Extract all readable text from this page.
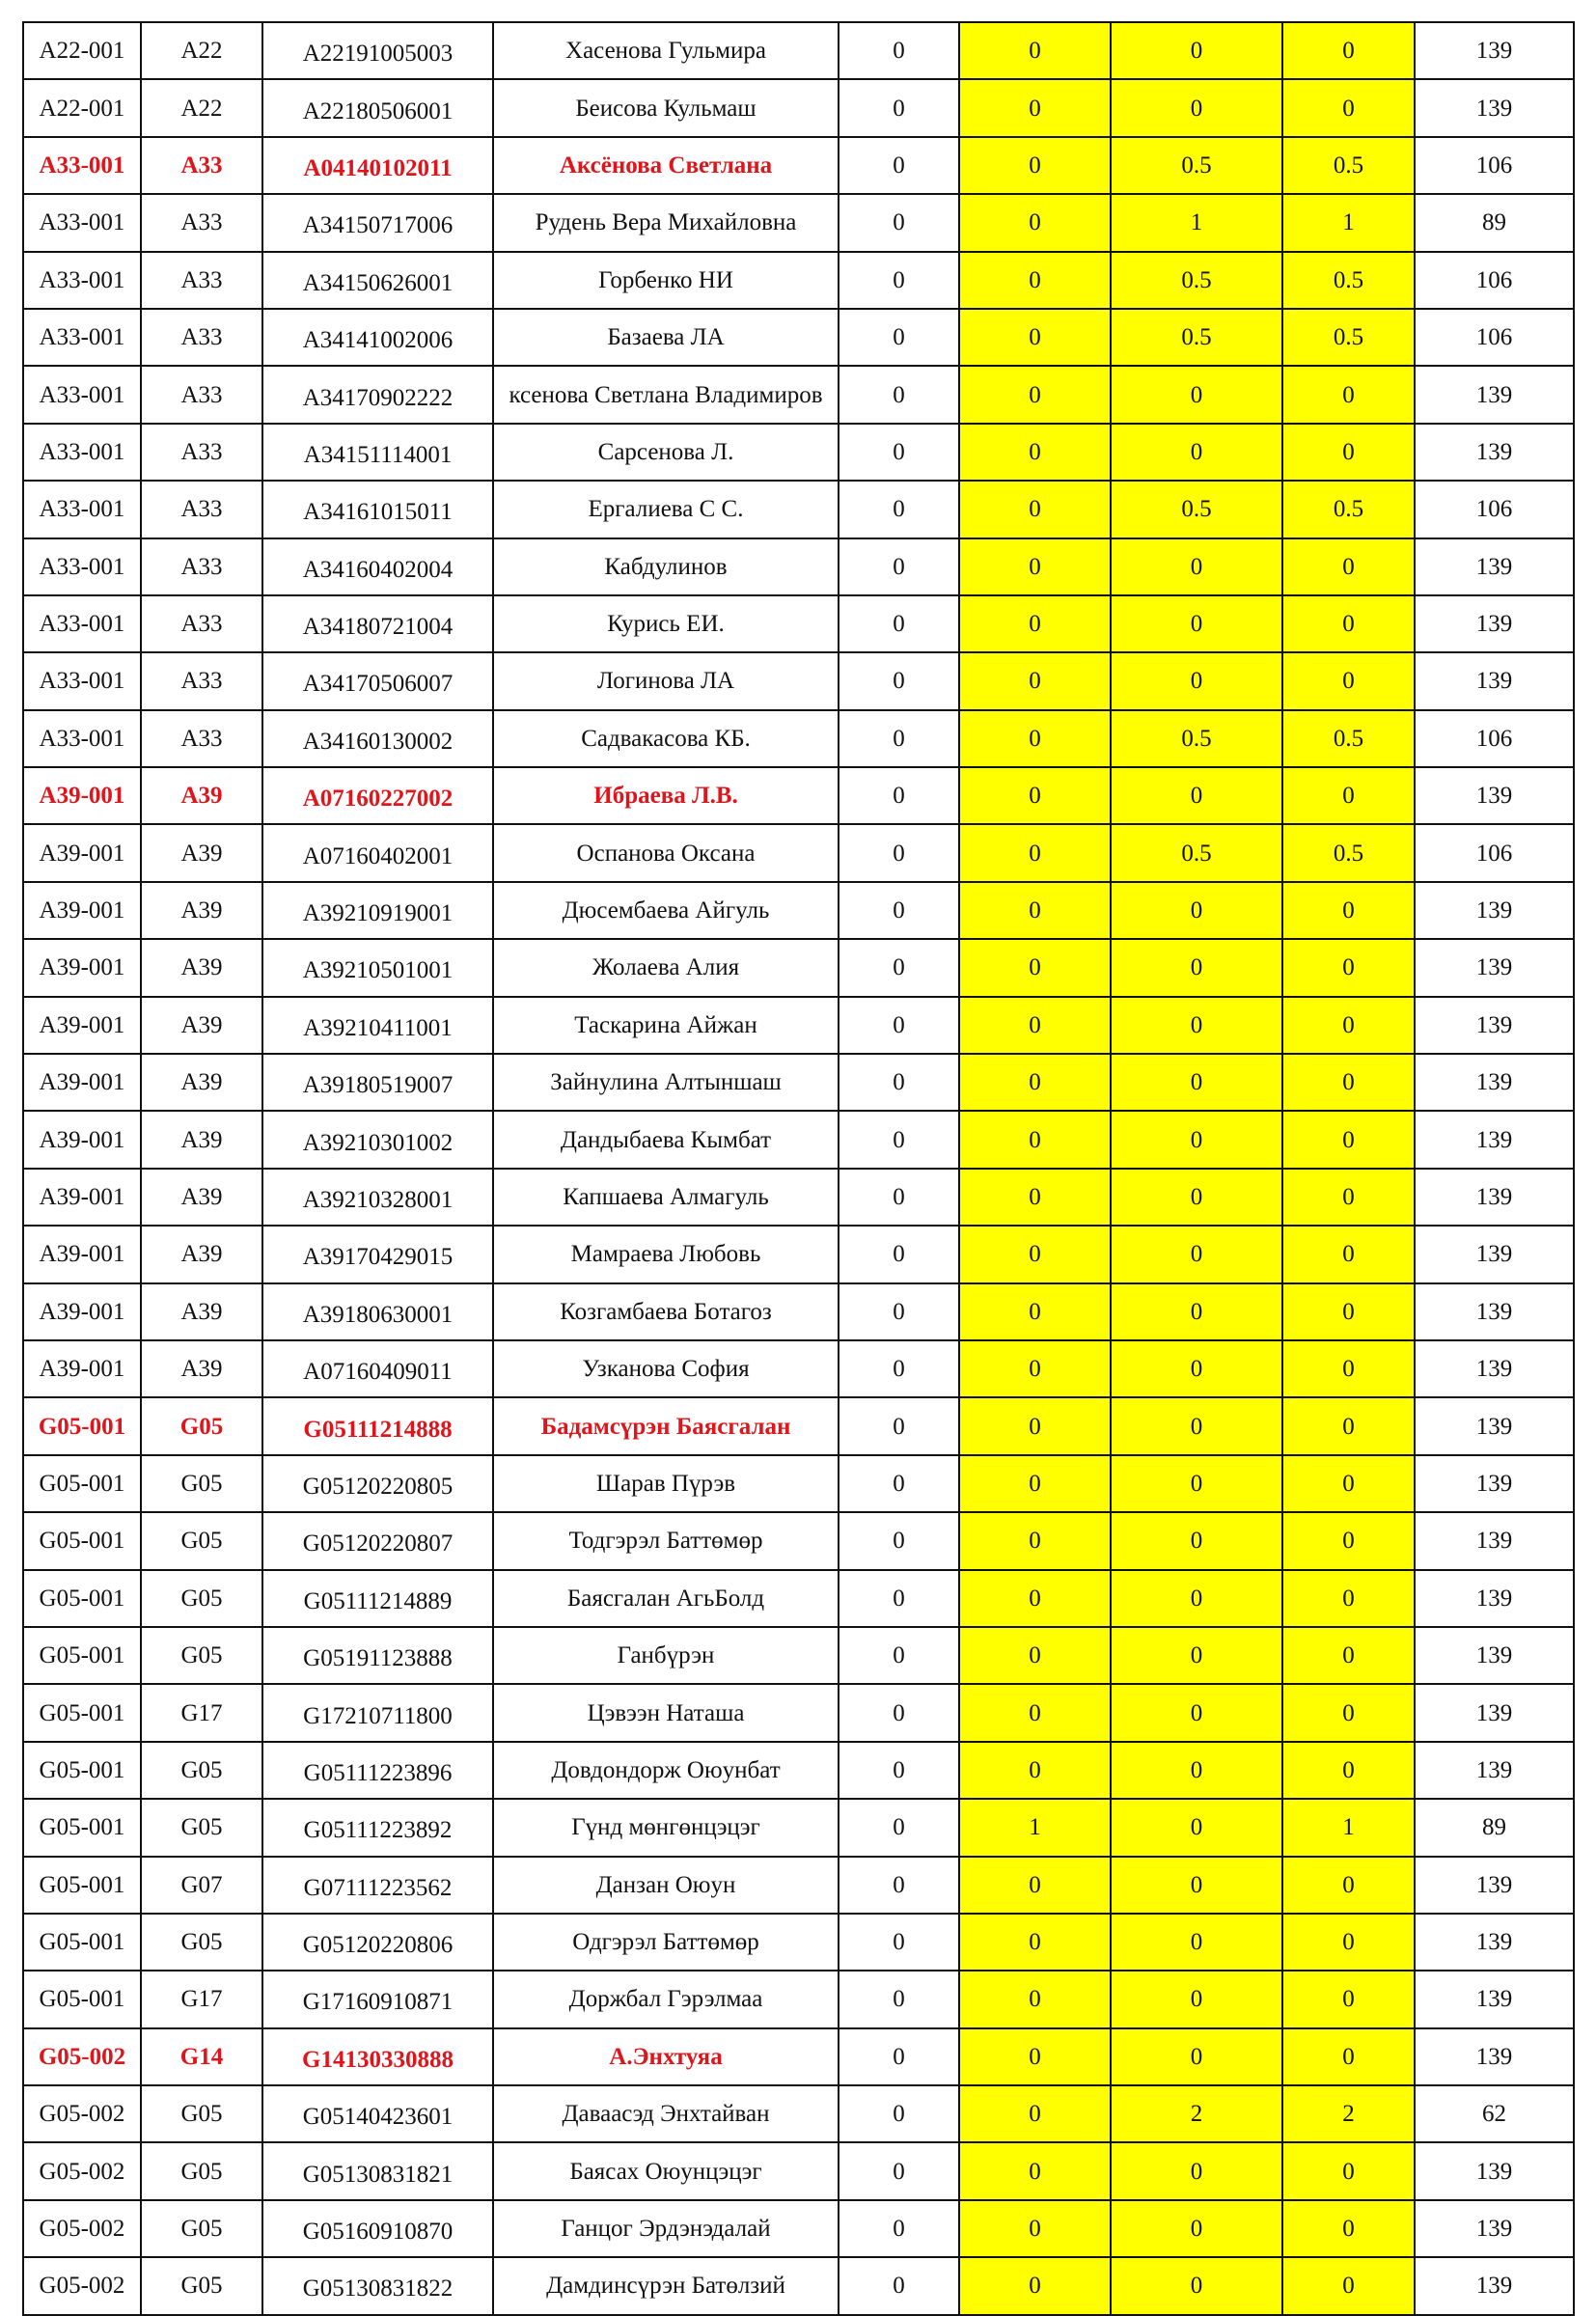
A22-001	A22	A22191005003	Хасенова Гульмира	0	0	0	0	139
A22-001	A22	A22180506001	Беисова Кульмаш	0	0	0	0	139
A33-001	A33	A04140102011	Аксёнова Светлана	0	0	0.5	0.5	106
A33-001	A33	A34150717006	Рудень Вера Михайловна	0	0	1	1	89
A33-001	A33	A34150626001	Горбенко НИ	0	0	0.5	0.5	106
A33-001	A33	A34141002006	Базаева ЛА	0	0	0.5	0.5	106
A33-001	A33	A34170902222	ксенова Светлана Владимиров	0	0	0	0	139
A33-001	A33	A34151114001	Сарсенова Л.	0	0	0	0	139
A33-001	A33	A34161015011	Ергалиева С С.	0	0	0.5	0.5	106
A33-001	A33	A34160402004	Кабдулинов	0	0	0	0	139
A33-001	A33	A34180721004	Курись ЕИ.	0	0	0	0	139
A33-001	A33	A34170506007	Логинова ЛА	0	0	0	0	139
A33-001	A33	A34160130002	Садвакасова КБ.	0	0	0.5	0.5	106
A39-001	A39	A07160227002	Ибраева Л.В.	0	0	0	0	139
A39-001	A39	A07160402001	Оспанова Оксана	0	0	0.5	0.5	106
A39-001	A39	A39210919001	Дюсембаева Айгуль	0	0	0	0	139
A39-001	A39	A39210501001	Жолаева Алия	0	0	0	0	139
A39-001	A39	A39210411001	Таскарина Айжан	0	0	0	0	139
A39-001	A39	A39180519007	Зайнулина Алтыншаш	0	0	0	0	139
A39-001	A39	A39210301002	Дандыбаева Кымбат	0	0	0	0	139
A39-001	A39	A39210328001	Капшаева Алмагуль	0	0	0	0	139
A39-001	A39	A39170429015	Мамраева Любовь	0	0	0	0	139
A39-001	A39	A39180630001	Козгамбаева Ботагоз	0	0	0	0	139
A39-001	A39	A07160409011	Узканова София	0	0	0	0	139
G05-001	G05	G05111214888	Бадамсүрэн Баясгалан	0	0	0	0	139
G05-001	G05	G05120220805	Шарав Пүрэв	0	0	0	0	139
G05-001	G05	G05120220807	Тодгэрэл Баттөмөр	0	0	0	0	139
G05-001	G05	G05111214889	Баясгалан АгьБолд	0	0	0	0	139
G05-001	G05	G05191123888	Ганбүрэн	0	0	0	0	139
G05-001	G17	G17210711800	Цэвээн Наташа	0	0	0	0	139
G05-001	G05	G05111223896	Довдондорж Оюунбат	0	0	0	0	139
G05-001	G05	G05111223892	Гүнд мөнгөнцэцэг	0	1	0	1	89
G05-001	G07	G07111223562	Данзан Оюун	0	0	0	0	139
G05-001	G05	G05120220806	Одгэрэл Баттөмөр	0	0	0	0	139
G05-001	G17	G17160910871	Доржбал Гэрэлмаа	0	0	0	0	139
G05-002	G14	G14130330888	А.Энхтуяа	0	0	0	0	139
G05-002	G05	G05140423601	Даваасэд Энхтайван	0	0	2	2	62
G05-002	G05	G05130831821	Баясах Оюунцэцэг	0	0	0	0	139
G05-002	G05	G05160910870	Ганцог Эрдэнэдалай	0	0	0	0	139
G05-002	G05	G05130831822	Дамдинсүрэн Батөлзий	0	0	0	0	139
